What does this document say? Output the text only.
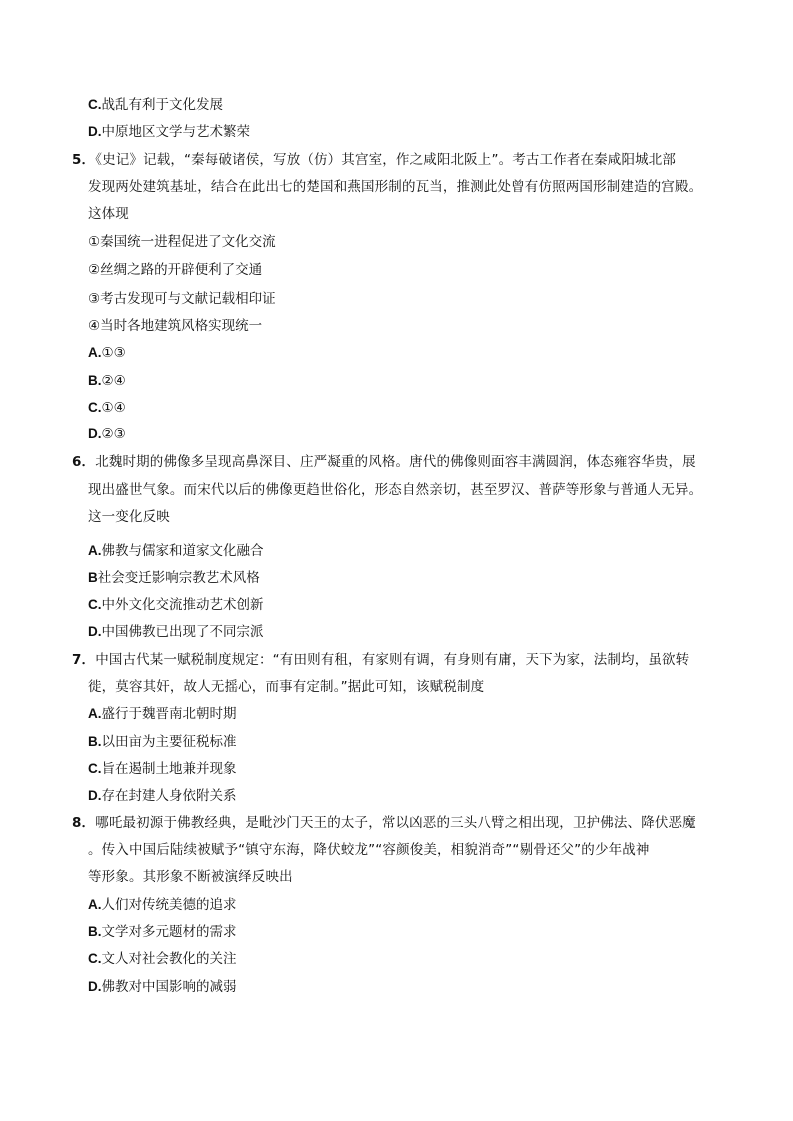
C.战乱有利于文化发展
D.中原地区文学与艺术繁荣
5．《史记》记载，“秦每破诸侯，写放（仿）其宫室，作之咸阳北阪上”。考古工作者在秦咸阳城北部
发现两处建筑基址，结合在此出七的楚国和燕国形制的瓦当，推测此处曾有仿照两国形制建造的宫殿。
这体现
①秦国统一进程促进了文化交流
②丝绸之路的开辟便利了交通
③考古发现可与文献记载相印证
④当时各地建筑风格实现统一
A.①③
B.②④
C.①④
D.②③
6．北魏时期的佛像多呈现高鼻深目、庄严凝重的风格。唐代的佛像则面容丰满圆润，体态雍容华贵，展
现出盛世气象。而宋代以后的佛像更趋世俗化，形态自然亲切，甚至罗汉、普萨等形象与普通人无异。
这一变化反映
A.佛教与儒家和道家文化融合
B社会变迁影响宗教艺术风格
C.中外文化交流推动艺术创新
D.中国佛教已出现了不同宗派
7．中国古代某一赋税制度规定：“有田则有租，有家则有调，有身则有庸，天下为家，法制均，虽欲转
徙，莫容其奸，故人无摇心，而事有定制。”据此可知，该赋税制度
A.盛行于魏晋南北朝时期
B.以田亩为主要征税标准
C.旨在遏制土地兼并现象
D.存在封建人身依附关系
8．哪吒最初源于佛教经典，是毗沙门天王的太子，常以凶恶的三头八臂之相出现，卫护佛法、降伏恶魔
。传入中国后陆续被赋予“镇守东海，降伏蛟龙”“容颜俊美，相貌消奇”“剔骨还父”的少年战神
等形象。其形象不断被演绎反映出
A.人们对传统美德的追求
B.文学对多元题材的需求
C.文人对社会教化的关注
D.佛教对中国影响的减弱
